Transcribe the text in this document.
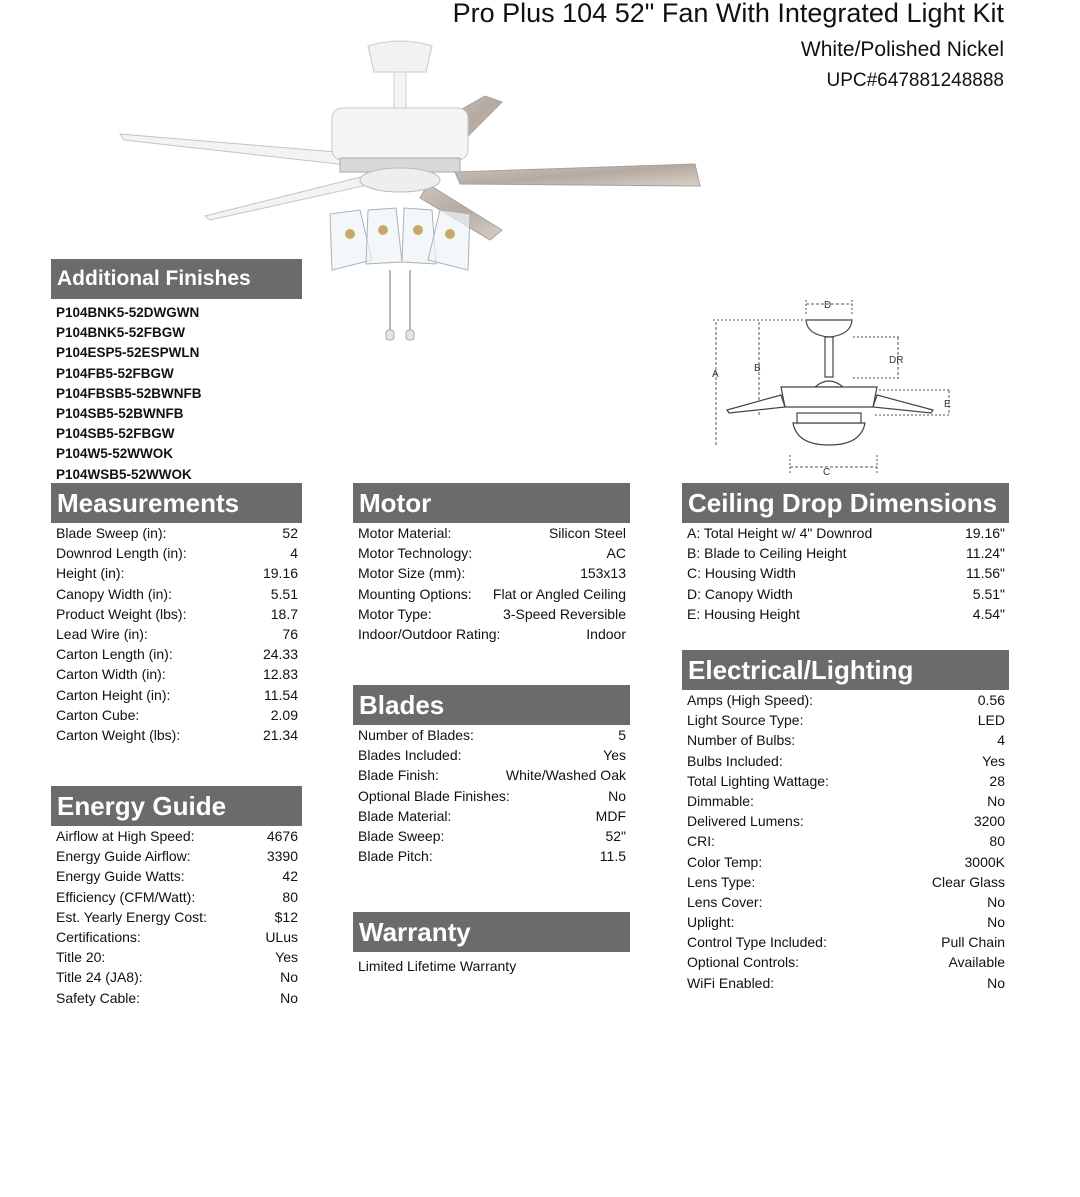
Pro Plus 104 52" Fan With Integrated Light Kit
White/Polished Nickel
UPC#647881248888
Additional Finishes
P104BNK5-52DWGWN
P104BNK5-52FBGW
P104ESP5-52ESPWLN
P104FB5-52FBGW
P104FBSB5-52BWNFB
P104SB5-52BWNFB
P104SB5-52FBGW
P104W5-52WWOK
P104WSB5-52WWOK
D
A
B
DR
E
C
Measurements
Blade Sweep (in):	52
Downrod Length (in):	4
Height (in):	19.16
Canopy Width (in):	5.51
Product Weight (lbs):	18.7
Lead Wire (in):	76
Carton Length (in):	24.33
Carton Width (in):	12.83
Carton Height (in):	11.54
Carton Cube:	2.09
Carton Weight (lbs):	21.34
Energy Guide
Airflow at High Speed:	4676
Energy Guide Airflow:	3390
Energy Guide Watts:	42
Efficiency (CFM/Watt):	80
Est. Yearly Energy Cost:	$12
Certifications:	ULus
Title 20:	Yes
Title 24 (JA8):	No
Safety Cable:	No
Motor
Motor Material:	Silicon Steel
Motor Technology:	AC
Motor Size (mm):	153x13
Mounting Options: Flat or Angled Ceiling
Motor Type:	3-Speed Reversible
Indoor/Outdoor Rating:	Indoor
Blades
Number of Blades:	5
Blades Included:	Yes
Blade Finish:	White/Washed Oak
Optional Blade Finishes:	No
Blade Material:	MDF
Blade Sweep:	52"
Blade Pitch:	11.5
Warranty
Limited Lifetime Warranty
Ceiling Drop Dimensions
A: Total Height w/ 4" Downrod	19.16"
B: Blade to Ceiling Height	11.24"
C: Housing Width	11.56"
D: Canopy Width	5.51"
E: Housing Height	4.54"
Electrical/Lighting
Amps (High Speed):	0.56
Light Source Type:	LED
Number of Bulbs:	4
Bulbs Included:	Yes
Total Lighting Wattage:	28
Dimmable:	No
Delivered Lumens:	3200
CRI:	80
Color Temp:	3000K
Lens Type:	Clear Glass
Lens Cover:	No
Uplight:	No
Control Type Included:	Pull Chain
Optional Controls:	Available
WiFi Enabled:	No
